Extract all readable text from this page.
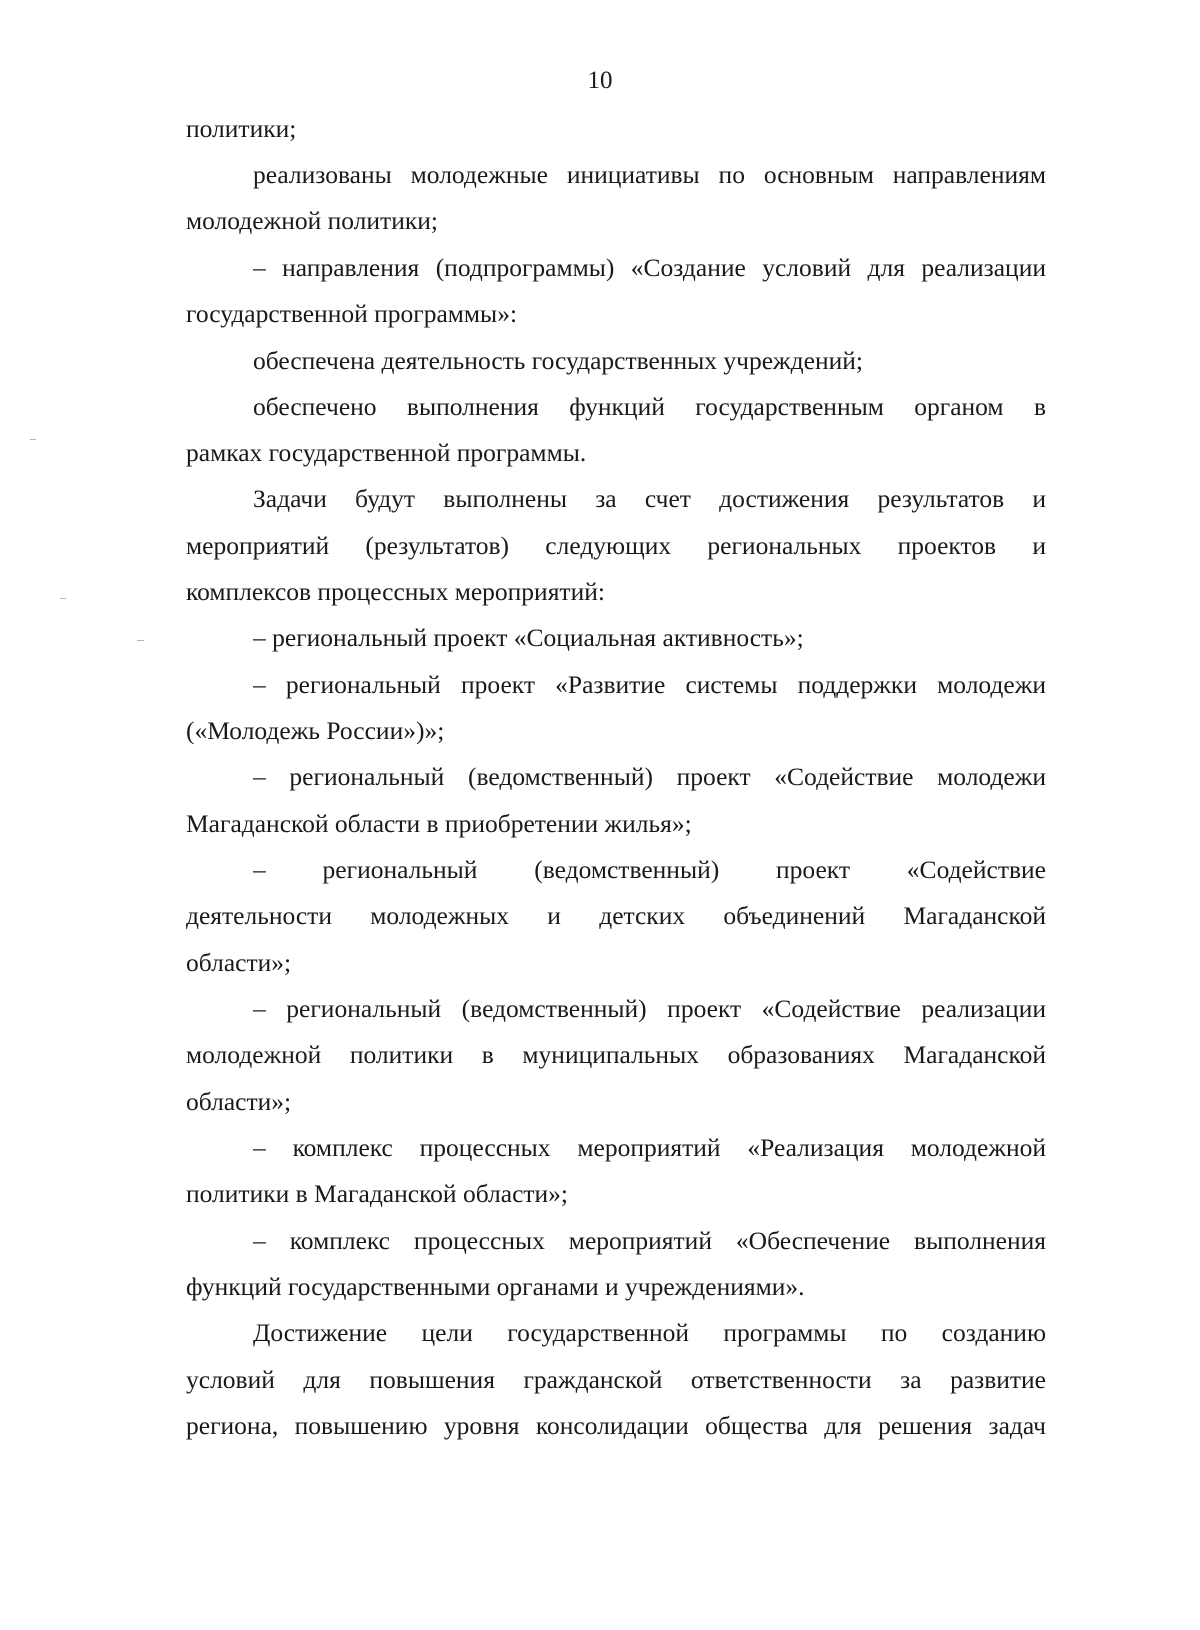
10
политики;
реализованы молодежные инициативы по основным направлениям
молодежной политики;
– направления (подпрограммы) «Создание условий для реализации
государственной программы»:
обеспечена деятельность государственных учреждений;
обеспечено выполнения функций государственным органом в
рамках государственной программы.
Задачи будут выполнены за счет достижения результатов и
мероприятий (результатов) следующих региональных проектов и
комплексов процессных мероприятий:
– региональный проект «Социальная активность»;
– региональный проект «Развитие системы поддержки молодежи
(«Молодежь России»)»;
– региональный (ведомственный) проект «Содействие молодежи
Магаданской области в приобретении жилья»;
– региональный (ведомственный) проект «Содействие
деятельности молодежных и детских объединений Магаданской
области»;
– региональный (ведомственный) проект «Содействие реализации
молодежной политики в муниципальных образованиях Магаданской
области»;
– комплекс процессных мероприятий «Реализация молодежной
политики в Магаданской области»;
– комплекс процессных мероприятий «Обеспечение выполнения
функций государственными органами и учреждениями».
Достижение цели государственной программы по созданию
условий для повышения гражданской ответственности за развитие
региона, повышению уровня консолидации общества для решения задач
